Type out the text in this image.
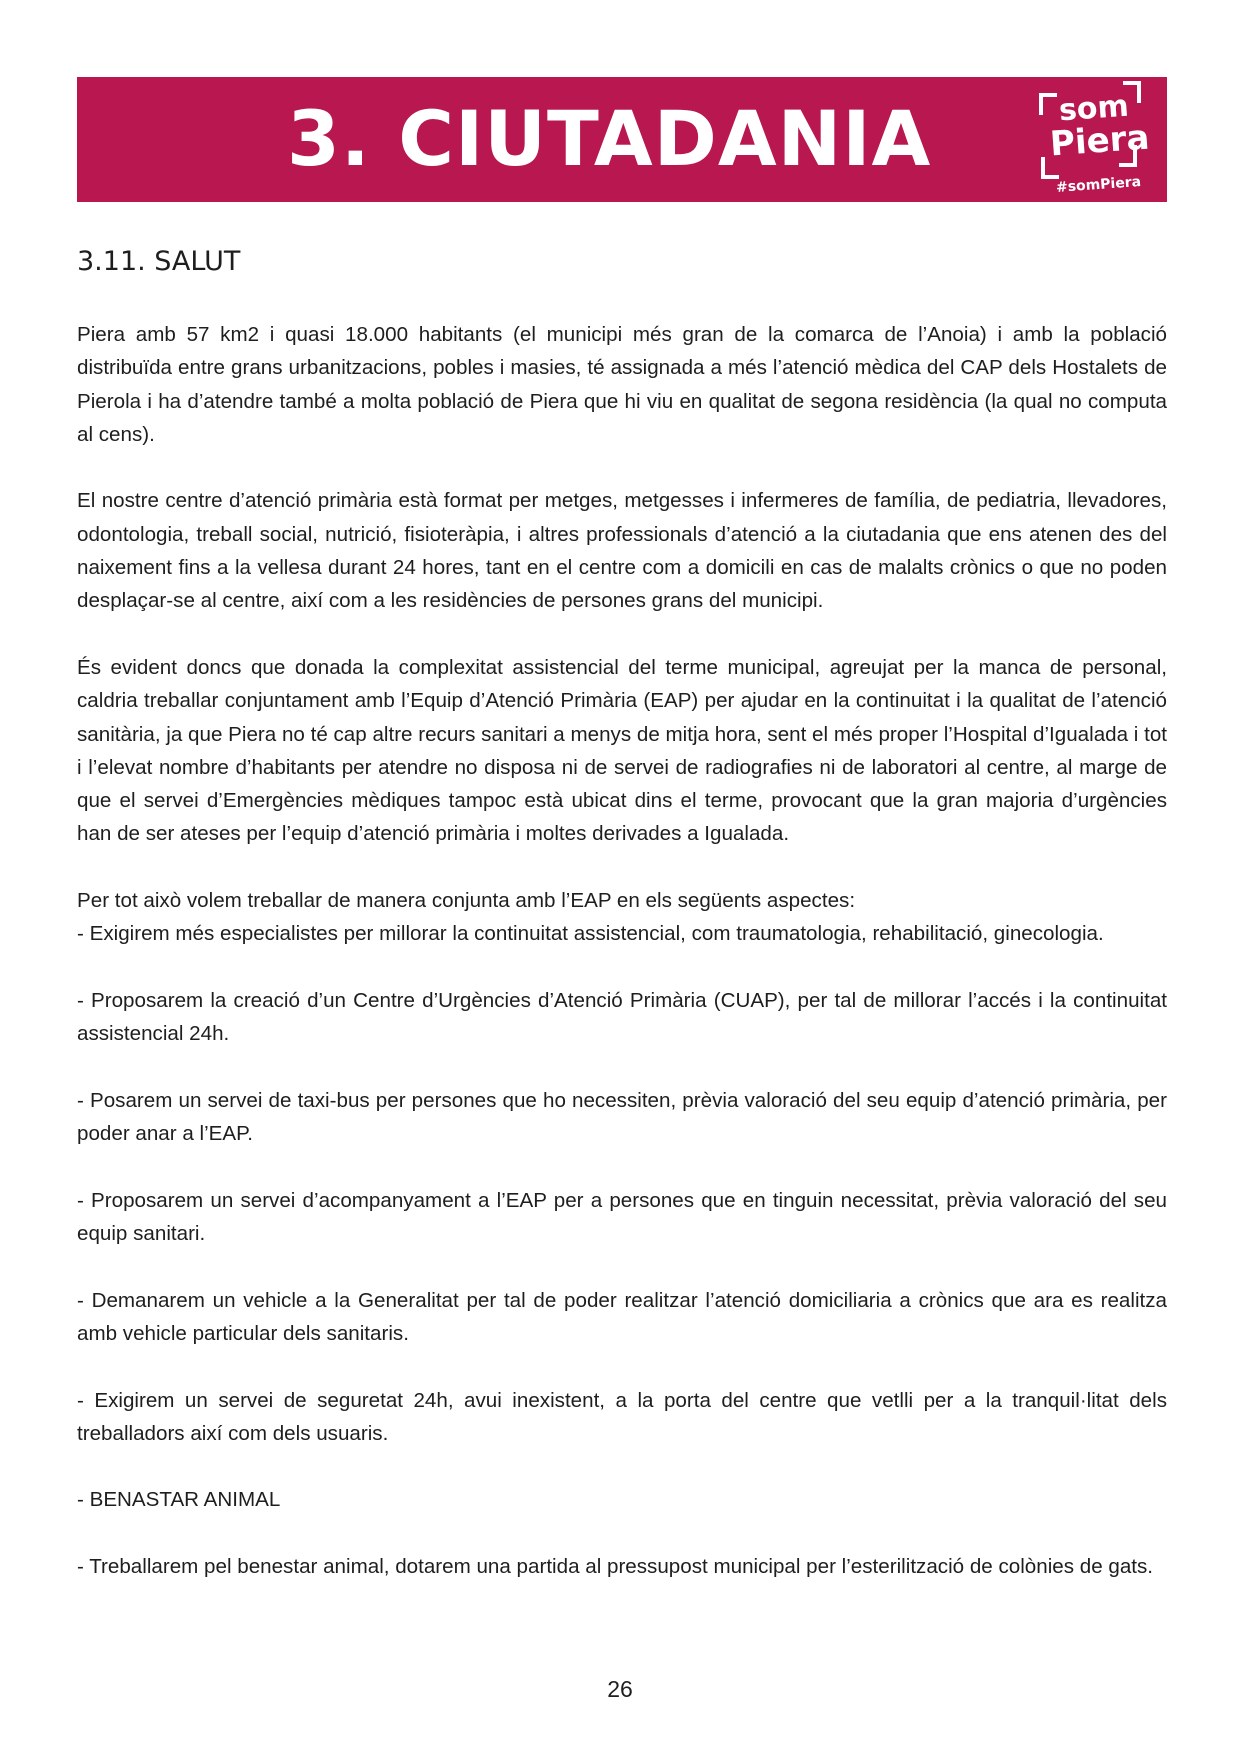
3. CIUTADANIA	som
Piera
#somPiera
3.11. SALUT

Piera amb 57 km2 i quasi 18.000 habitants (el municipi més gran de la comarca de l’Anoia) i amb la població distribuïda entre grans urbanitzacions, pobles i masies, té assignada a més l’atenció mèdica del CAP dels Hostalets de Pierola i ha d’atendre també a molta població de Piera que hi viu en qualitat de segona residència (la qual no computa al cens).

El nostre centre d’atenció primària està format per metges, metgesses i infermeres de família, de pediatria, llevadores, odontologia, treball social, nutrició, fisioteràpia, i altres professionals d’atenció a la ciutadania que ens atenen des del naixement fins a la vellesa durant 24 hores, tant en el centre com a domicili en cas de malalts crònics o que no poden desplaçar-se al centre, així com a les residències de persones grans del municipi.

És evident doncs que donada la complexitat assistencial del terme municipal, agreujat per la manca de personal, caldria treballar conjuntament amb l’Equip d’Atenció Primària (EAP) per ajudar en la continuitat i la qualitat de l’atenció sanitària, ja que Piera no té cap altre recurs sanitari a menys de mitja hora, sent el més proper l’Hospital d’Igualada i tot i l’elevat nombre d’habitants per atendre no disposa ni de servei de radiografies ni de laboratori al centre, al marge de que el servei d’Emergències mèdiques tampoc està ubicat dins el terme, provocant que la gran majoria d’urgències han de ser ateses per l’equip d’atenció primària i moltes derivades a Igualada.

Per tot això volem treballar de manera conjunta amb l’EAP en els següents aspectes:

- Exigirem més especialistes per millorar la continuitat assistencial, com traumatologia, rehabilitació, ginecologia.

- Proposarem la creació d’un Centre d’Urgències d’Atenció Primària (CUAP), per tal de millorar l’accés i la continuitat assistencial 24h.

- Posarem un servei de taxi-bus per persones que ho necessiten, prèvia valoració del seu equip d’atenció primària, per poder anar a l’EAP.

- Proposarem un servei d’acompanyament a l’EAP per a persones que en tinguin necessitat, prèvia valoració del seu equip sanitari.

- Demanarem un vehicle a la Generalitat per tal de poder realitzar l’atenció domiciliaria a crònics que ara es realitza amb vehicle particular dels sanitaris.

- Exigirem un servei de seguretat 24h, avui inexistent, a la porta del centre que vetlli per a la tranquil·litat dels treballadors així com dels usuaris.

- BENASTAR ANIMAL

- Treballarem pel benestar animal, dotarem una partida al pressupost municipal per l’esterilització de colònies de gats.

26
